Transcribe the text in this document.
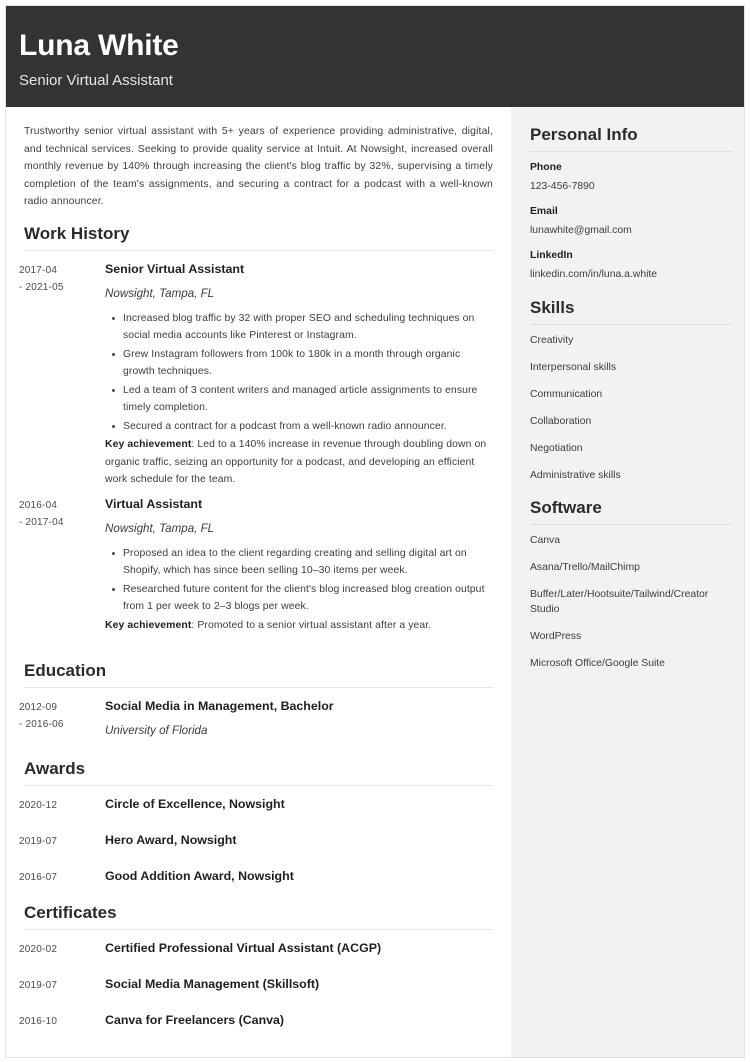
Luna White
Senior Virtual Assistant

Trustworthy senior virtual assistant with 5+ years of experience providing administrative, digital, and technical services. Seeking to provide quality service at Intuit. At Nowsight, increased overall monthly revenue by 140% through increasing the client's blog traffic by 32%, supervising a timely completion of the team's assignments, and securing a contract for a podcast with a well-known radio announcer.

Work History
2017-04
- 2021-05
Senior Virtual Assistant
Nowsight, Tampa, FL
Increased blog traffic by 32 with proper SEO and scheduling techniques on social media accounts like Pinterest or Instagram.
Grew Instagram followers from 100k to 180k in a month through organic growth techniques.
Led a team of 3 content writers and managed article assignments to ensure timely completion.
Secured a contract for a podcast from a well-known radio announcer.

Key achievement: Led to a 140% increase in revenue through doubling down on organic traffic, seizing an opportunity for a podcast, and developing an efficient work schedule for the team.

2016-04
- 2017-04
Virtual Assistant
Nowsight, Tampa, FL
Proposed an idea to the client regarding creating and selling digital art on Shopify, which has since been selling 10–30 items per week.
Researched future content for the client's blog increased blog creation output from 1 per week to 2–3 blogs per week.

Key achievement: Promoted to a senior virtual assistant after a year.

Education
2012-09
- 2016-06
Social Media in Management, Bachelor
University of Florida
Awards
2020-12	Circle of Excellence, Nowsight
2019-07	Hero Award, Nowsight
2016-07	Good Addition Award, Nowsight
Certificates
2020-02	Certified Professional Virtual Assistant (ACGP)
2019-07	Social Media Management (Skillsoft)
2016-10	Canva for Freelancers (Canva)
Personal Info
Phone
123-456-7890
Email
lunawhite@gmail.com
LinkedIn
linkedin.com/in/luna.a.white
Skills
Creativity
Interpersonal skills
Communication
Collaboration
Negotiation
Administrative skills
Software
Canva
Asana/Trello/MailChimp
Buffer/Later/Hootsuite/Tailwind/Creator Studio
WordPress
Microsoft Office/Google Suite
